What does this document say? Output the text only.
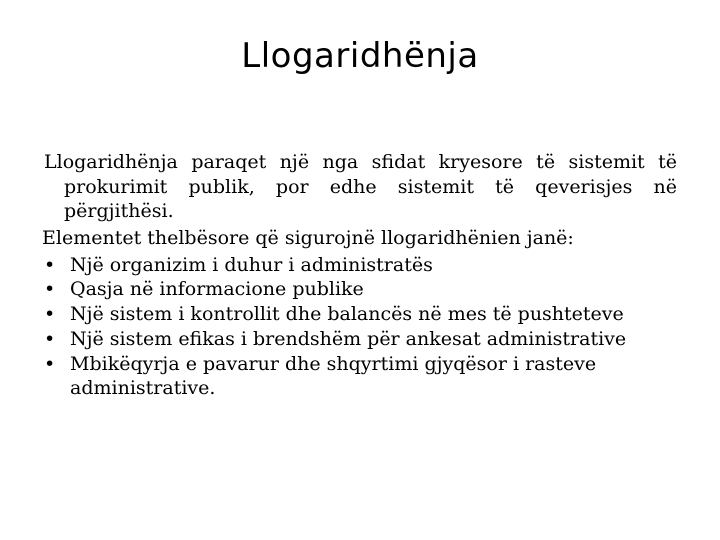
Llogaridhënja

Llogaridhënja paraqet një nga sfidat kryesore të sistemit të prokurimit publik, por edhe sistemit të qeverisjes në përgjithësi.

Elementet thelbësore që sigurojnë llogaridhënien janë:

• Një organizim i duhur i administratës
• Qasja në informacione publike
• Një sistem i kontrollit dhe balancës në mes të pushteteve
• Një sistem efikas i brendshëm për ankesat administrative
• Mbikëqyrja e pavarur dhe shqyrtimi gjyqësor i rasteve administrative.
